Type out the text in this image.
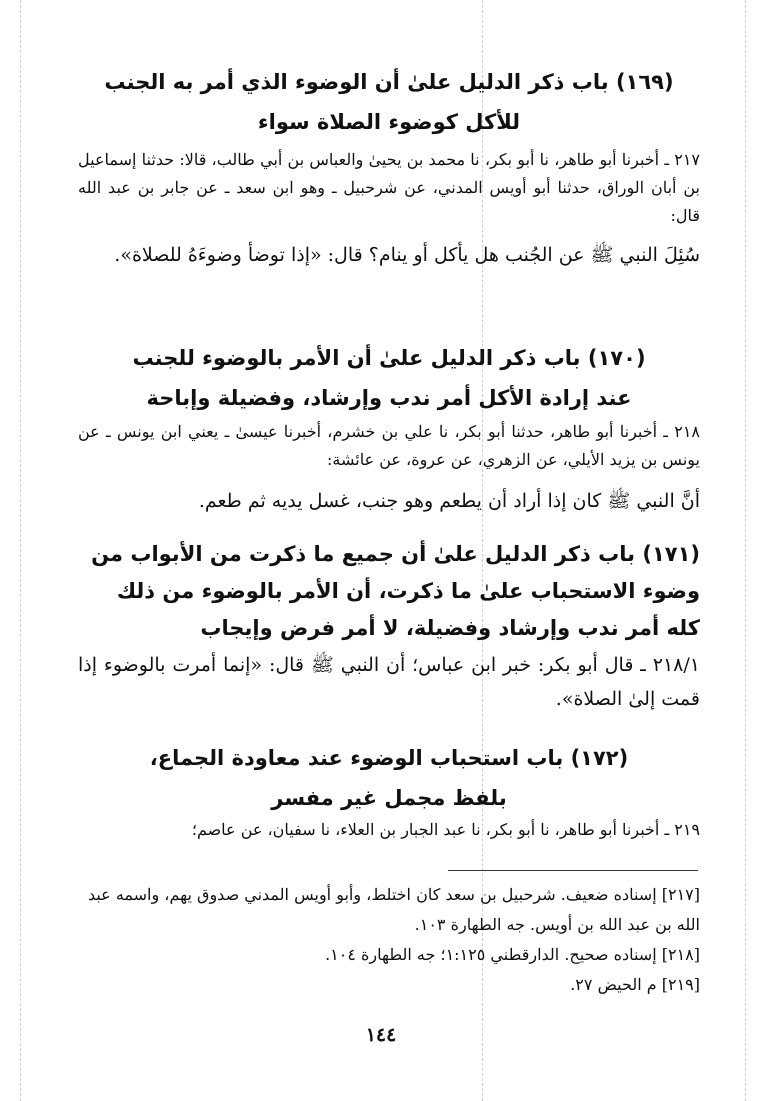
(١٦٩) باب ذكر الدليل علىٰ أن الوضوء الذي أمر به الجنب
للأكل كوضوء الصلاة سواء
٢١٧ ـ أخبرنا أبو طاهر، نا أبو بكر، نا محمد بن يحيىٰ والعباس بن أبي طالب، قالا: حدثنا إسماعيل بن أبان الوراق، حدثنا أبو أويس المدني، عن شرحبيل ـ وهو ابن سعد ـ عن جابر بن عبد الله قال:
سُئِلَ النبي ﷺ عن الجُنب هل يأكل أو ينام؟ قال: «إذا توضأ وضوءَهُ للصلاة».
(١٧٠) باب ذكر الدليل علىٰ أن الأمر بالوضوء للجنب
عند إرادة الأكل أمر ندب وإرشاد، وفضيلة وإباحة
٢١٨ ـ أخبرنا أبو طاهر، حدثنا أبو بكر، نا علي بن خشرم، أخبرنا عيسىٰ ـ يعني ابن يونس ـ عن يونس بن يزيد الأيلي، عن الزهري، عن عروة، عن عائشة:
أنَّ النبي ﷺ كان إذا أراد أن يطعم وهو جنب، غسل يديه ثم طعم.
(١٧١) باب ذكر الدليل علىٰ أن جميع ما ذكرت من الأبواب من وضوء الاستحباب علىٰ ما ذكرت، أن الأمر بالوضوء من ذلك كله أمر ندب وإرشاد وفضيلة، لا أمر فرض وإيجاب
٢١٨/١ ـ قال أبو بكر: خبر ابن عباس؛ أن النبي ﷺ قال: «إنما أمرت بالوضوء إذا قمت إلىٰ الصلاة».
(١٧٢) باب استحباب الوضوء عند معاودة الجماع،
بلفظ مجمل غير مفسر
٢١٩ ـ أخبرنا أبو طاهر، نا أبو بكر، نا عبد الجبار بن العلاء، نا سفيان، عن عاصم؛
[٢١٧] إسناده ضعيف. شرحبيل بن سعد كان اختلط، وأبو أويس المدني صدوق يهم، واسمه عبد الله بن عبد الله بن أويس. جه الطهارة ١٠٣.
[٢١٨] إسناده صحيح. الدارقطني ١:١٢٥؛ جه الطهارة ١٠٤.
[٢١٩] م الحيض ٢٧.
١٤٤
